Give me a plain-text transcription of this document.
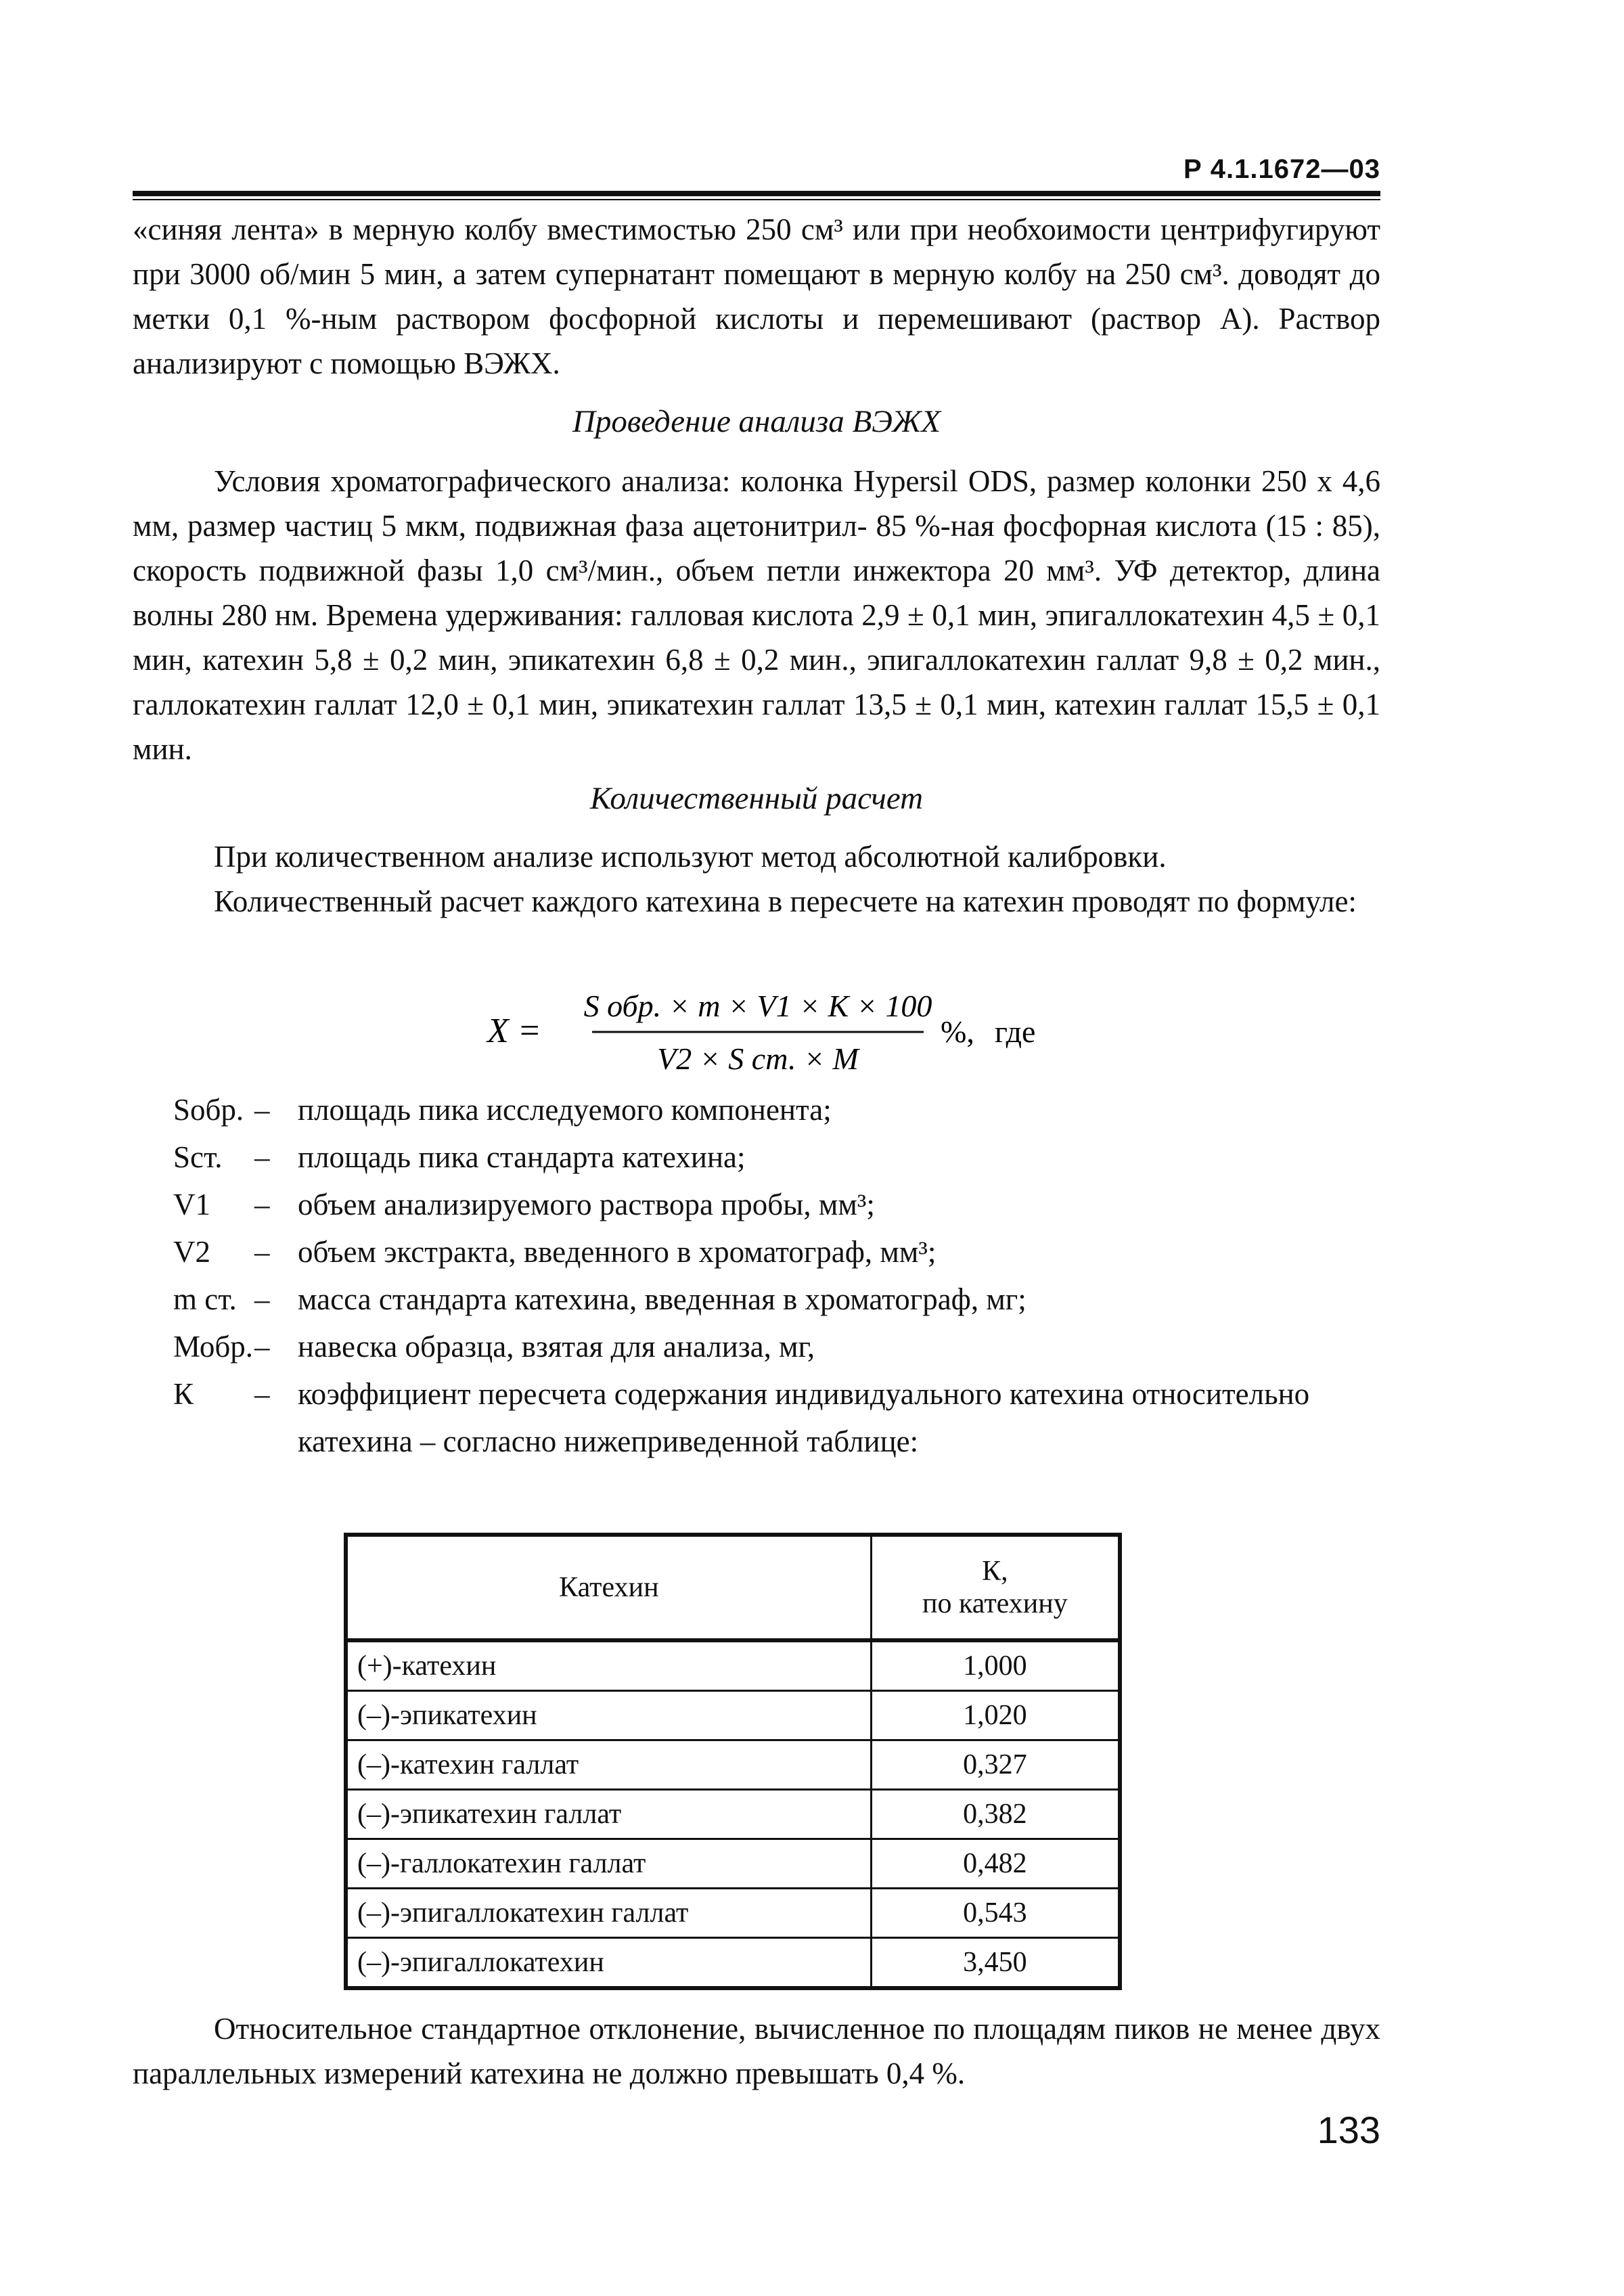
Р 4.1.1672—03
«синяя лента» в мерную колбу вместимостью 250 см³ или при необхоимости центрифугируют при 3000 об/мин 5 мин, а затем супернатант помещают в мерную колбу на 250 см³. доводят до метки 0,1 %-ным раствором фосфорной кислоты и перемешивают (раствор А). Раствор анализируют с помощью ВЭЖХ.
Проведение анализа ВЭЖХ
Условия хроматографического анализа: колонка Hypersil ODS, размер колонки 250 x 4,6 мм, размер частиц 5 мкм, подвижная фаза ацетонитрил- 85 %-ная фосфорная кислота (15 : 85), скорость подвижной фазы 1,0 см³/мин., объем петли инжектора 20 мм³. УФ детектор, длина волны 280 нм. Времена удерживания: галловая кислота 2,9 ± 0,1 мин, эпигаллокатехин 4,5 ± 0,1 мин, катехин 5,8 ± 0,2 мин, эпикатехин 6,8 ± 0,2 мин., эпигаллокатехин галлат 9,8 ± 0,2 мин., галлокатехин галлат 12,0 ± 0,1 мин, эпикатехин галлат 13,5 ± 0,1 мин, катехин галлат 15,5 ± 0,1 мин.
Количественный расчет
При количественном анализе используют метод абсолютной калибровки.
Количественный расчет каждого катехина в пересчете на катехин проводят по формуле:
X =
S обр. × m × V1 × K × 100
V2 × S ст. × M
%, где
Sобр. – площадь пика исследуемого компонента;
Sст.	– площадь пика стандарта катехина;
V1	– объем анализируемого раствора пробы, мм³;
V2	– объем экстракта, введенного в хроматограф, мм³;
m ст. – масса стандарта катехина, введенная в хроматограф, мг;
Мобр. – навеска образца, взятая для анализа, мг,
К	– коэффициент пересчета содержания индивидуального катехина относительно катехина – согласно нижеприведенной таблице:
Катехин	К,
по катехину

(+)-катехин	1,000
(–)-эпикатехин	1,020
(–)-катехин галлат	0,327
(–)-эпикатехин галлат	0,382
(–)-галлокатехин галлат	0,482
(–)-эпигаллокатехин галлат	0,543
(–)-эпигаллокатехин	3,450
Относительное стандартное отклонение, вычисленное по площадям пиков не менее двух параллельных измерений катехина не должно превышать 0,4 %.
133
